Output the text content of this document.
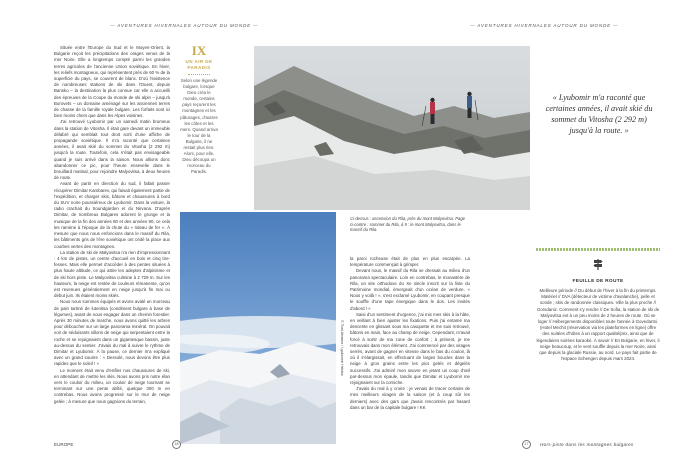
— AVENTURES HIVERNALES AUTOUR DU MONDE —	— AVENTURES HIVERNALES AUTOUR DU MONDE —

Située entre l'Europe du Sud et le Moyen-Orient, la Bulgarie reçoit les précipitations des orages venus de la mer Noire. Elle a longtemps compté parmi les grandes terres agricoles de l'ancienne Union soviétique. En hiver, les reliefs montagneux, qui représentent près de 60 % de la superficie du pays, se couvrent de blanc. D'où l'existence de nombreuses stations de ski dans l'Ouest, depuis Bansko – la destination la plus connue car elle a accueilli des épreuves de la Coupe du monde de ski alpin – jusqu'à Borovets – un domaine aménagé sur les anciennes terres de chasse de la famille royale bulgare. Les forfaits sont ici bien moins chers que dans les Alpes voisines.

J'ai retrouvé Lyubomir par un samedi matin brumeux dans la station de Vitosha. Il était gare devant un immeuble délabré qui semblait tout droit sorti d'une affiche de propagande soviétique. Il m'a raconté que certaines années, il avait skié du sommet du Vitosha (2 292 m) jusqu'à la route. Toutefois, cela n'était pas envisageable quand je suis arrivé dans la saison. Nous allions donc abandonner ce pic, pour l'heure ensevelie dans le brouillard matinal, pour rejoindre Malyovitsa, à deux heures de route.

Avant de partir en direction du sud, il fallait passer récupérer Dimitar Kambarev, qui faisait également partie de l'expédition, et charger skis, bâtons et chaussures à bord du SUV noire poussiéreux de Lyubomir. Dans la voiture, la radio crachait du Soundgarden et du Nirvana. D'après Dimitar, de nombreux Bulgares adorent le grunge et la musique de la fin des années 80 et des années 90, ce cela les ramène à l'époque de la chute du « rideau de fer ». À mesure que nous nous enfoncions dans le massif du Rila, les bâtiments gris de l'ère soviétique ont cédé la place aux courbes vertes des montagnes.

La station de ski de Malyovitsa n'a rien d'impressionnant : 4 km de pistes, un centre d'accueil en bois et cinq tire-fesses. Mais elle permet d'accéder à des pentes situées à plus haute altitude, ce qui attire les adeptes d'alpinisme et de ski hors piste. Le Malyovitsa culmine à 2 729 m. Sur les hauteurs, la neige est restée de couleurs rémanente, qu'on est revenues généralement en neige jusqu'à fin mai ou début juin. Ils étaient moins skiés.

Nous nous sommes équipés et avons avalé un morceau de pain tartiné de lutenitsa (condiment bulgare à base de légumes), avant de nous engager dans un chemin forestier. Après 30 minutes de marche, nous avons quitté les arbres pour déboucher sur un large panorama minéral. On pouvait voir de séduisants sillons de neige qui serpentaient entre la roche et se rejoignaient dans un gigantesque bassin, juste au-dessus du sentier. J'avais du mal à suivre le rythme de Dimitar et Lyubomir. À la pause, ce dernier m'a expliqué avec un grand sourire : « Dessolé, nous devons être plus rapides que le soleil ! »

Le moment était venu d'enfiler nos chaussures de ski, en attendant de mettre les skis. Nous avons pris notre élan vers le couloir du milieu, un couloir de neige tournant se terminant sur une pente abîté, quelque 300 m en contrebas. Nous avons progressé sur le mur de neige gelée ; à mesure que nous gagnions du terrain,

IX
UN AIR DE PARADIS
Selon une légende bulgare, lorsque Dieu créa le monde, certains pays reçurent les montagnes et les pâturages, d'autres les côtes et les mers. Quand arriva le tour de la Bulgarie, il ne restait plus rien. Alors, pour elle, Dieu découpa un morceau du Paradis.
© Toni Alvarez / Lyubomir Hristov
« Lyubomir m'a raconté que certaines années, il avait skié du sommet du Vitosha (2 292 m) jusqu'à la route. »
Ci-dessus : ascension du Rila, près du mont Malyovitsa. Page ci-contre : sommet du Rila, à 9 : le mont Malyovitsa, dans le massif du Rila.

la paroi rocheuse était de plus en plus escarpée. La température commençait à grimper.

Devant nous, le massif du Rila se dressait au milieu d'un panorama spectaculaire. Loin en contrebas, le monastère de Rila, un site orthodoxe du Xe siècle inscrit sur la liste du Patrimoine mondial, émergeait d'un océan de verdure. « Nous y voilà ! », s'est exclamé Lyubomir, en coupant presque le souffle d'une tape énergique dans le dos. Les invités d'abord ! »

Saisi d'un sentiment d'urgence, j'ai mis mes skis à la hâte, en veillant à bien ajuster les fixations. Puis j'ai entamé ma descente en glissant sous ma casquette et me suis retrouvé, bâtons en main, face au champ de neige. Cependant, m'avait forcé à sortir de ma zone de confort ; à présent, je me retrouvais dans mon élément. J'ai commencé par des virages serrés, avant de gagner en vitesse dans le bas du couloir, là où il s'élargissait, en effectuant de larges boucles dans la neige à gros grains entre les pics gelés et dégelés successifs. J'ai admiré mon œuvre en jetant un coup d'œil par-dessus mon épaule, tandis que Dimitar et Lyubomir me rejoignaient sur la corniche.

J'avais du mal à y croire : je venais de tracer certains de mes meilleurs virages de la saison (et à coup sûr les derniers) avec des gars que j'avais rencontrés par hasard dans un bar de la capitale bulgare ! KK

FEUILLE DE ROUTE
Meilleure période // Du début de l'hiver à la fin du printemps. Matériel // DVA (détecteur de victime d'avalanche), pelle et sonde ; skis de randonnée classiques. Ville la plus proche // Gorsdaniz. Comment s'y rendre // De Sofia, la station de ski de Malyovitsa est à un peu moins de 2 heures de route. Où se loger // Hébergements disponibles toute l'année à Govedartsi. (Hotel Mechit (réservation via les plateformes en ligne) offre des nuitées d'hôtes à un rapport qualité/prix, ainsi que de légendaires soirées karaoké. À savoir // En Bulgarie, en hiver, il neige beaucoup, et le vent souffle depuis la mer Noire, ainsi que depuis la glaciale Russie, au nord. Le pays fait partie de l'espace Schengen depuis mars 2024.
EUROPE	18	17	Hors-piste dans les montagnes bulgares
